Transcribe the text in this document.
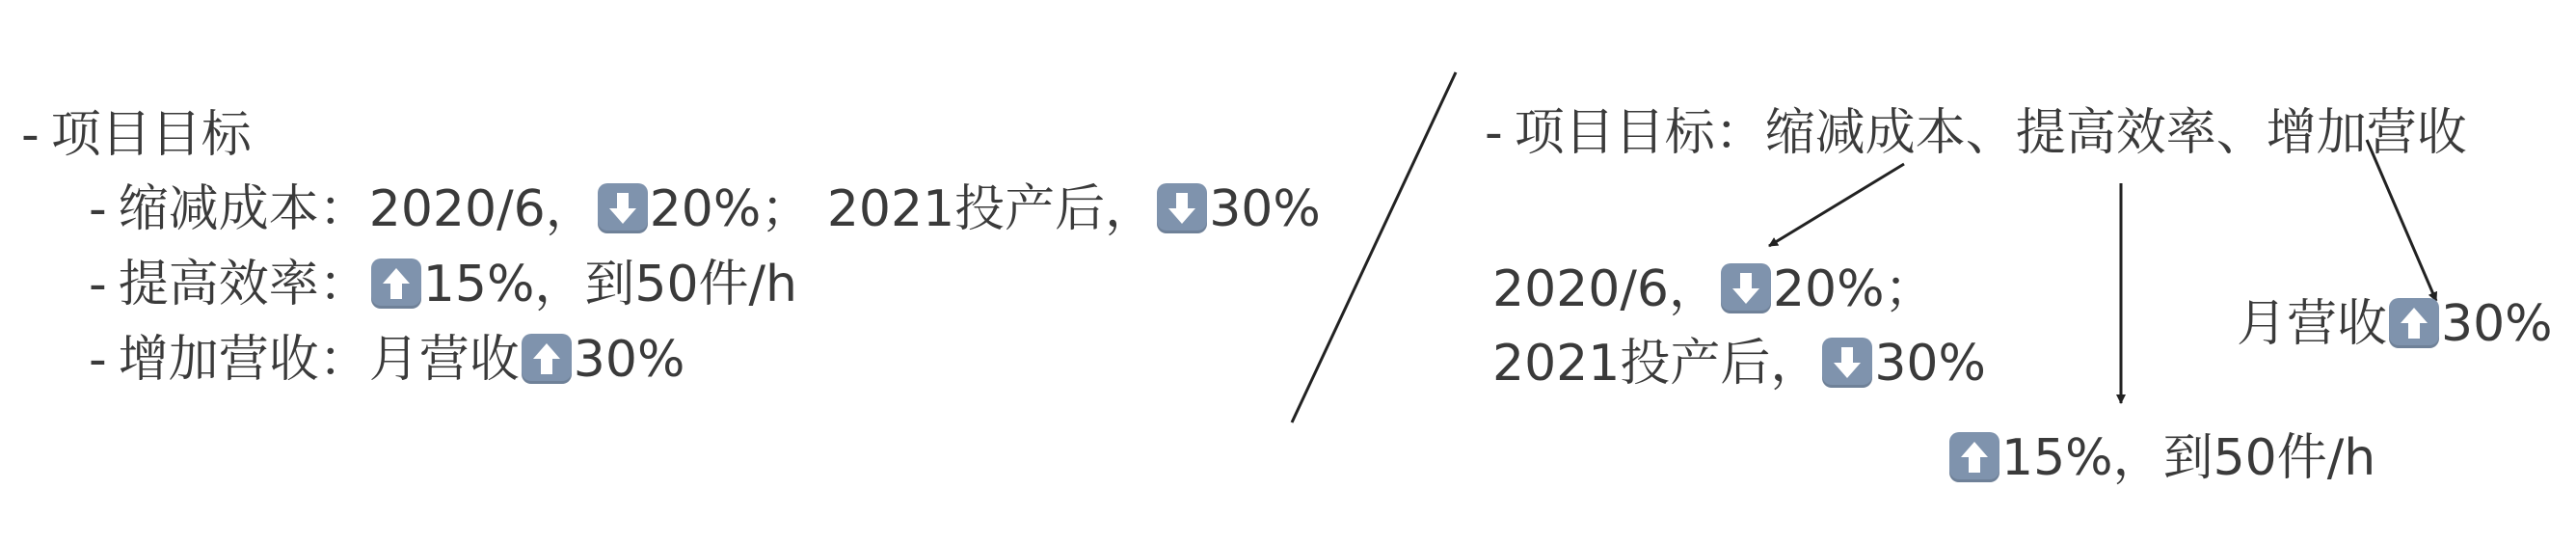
- 项目目标
- 缩减成本：2020/6， 20%； 2021投产后， 30%
- 提高效率： 15%，到50件/h
- 增加营收：月营收 30%
- 项目目标：缩减成本、提高效率、增加营收
2020/6， 20%；
2021投产后， 30%
月营收 30%
15%，到50件/h
